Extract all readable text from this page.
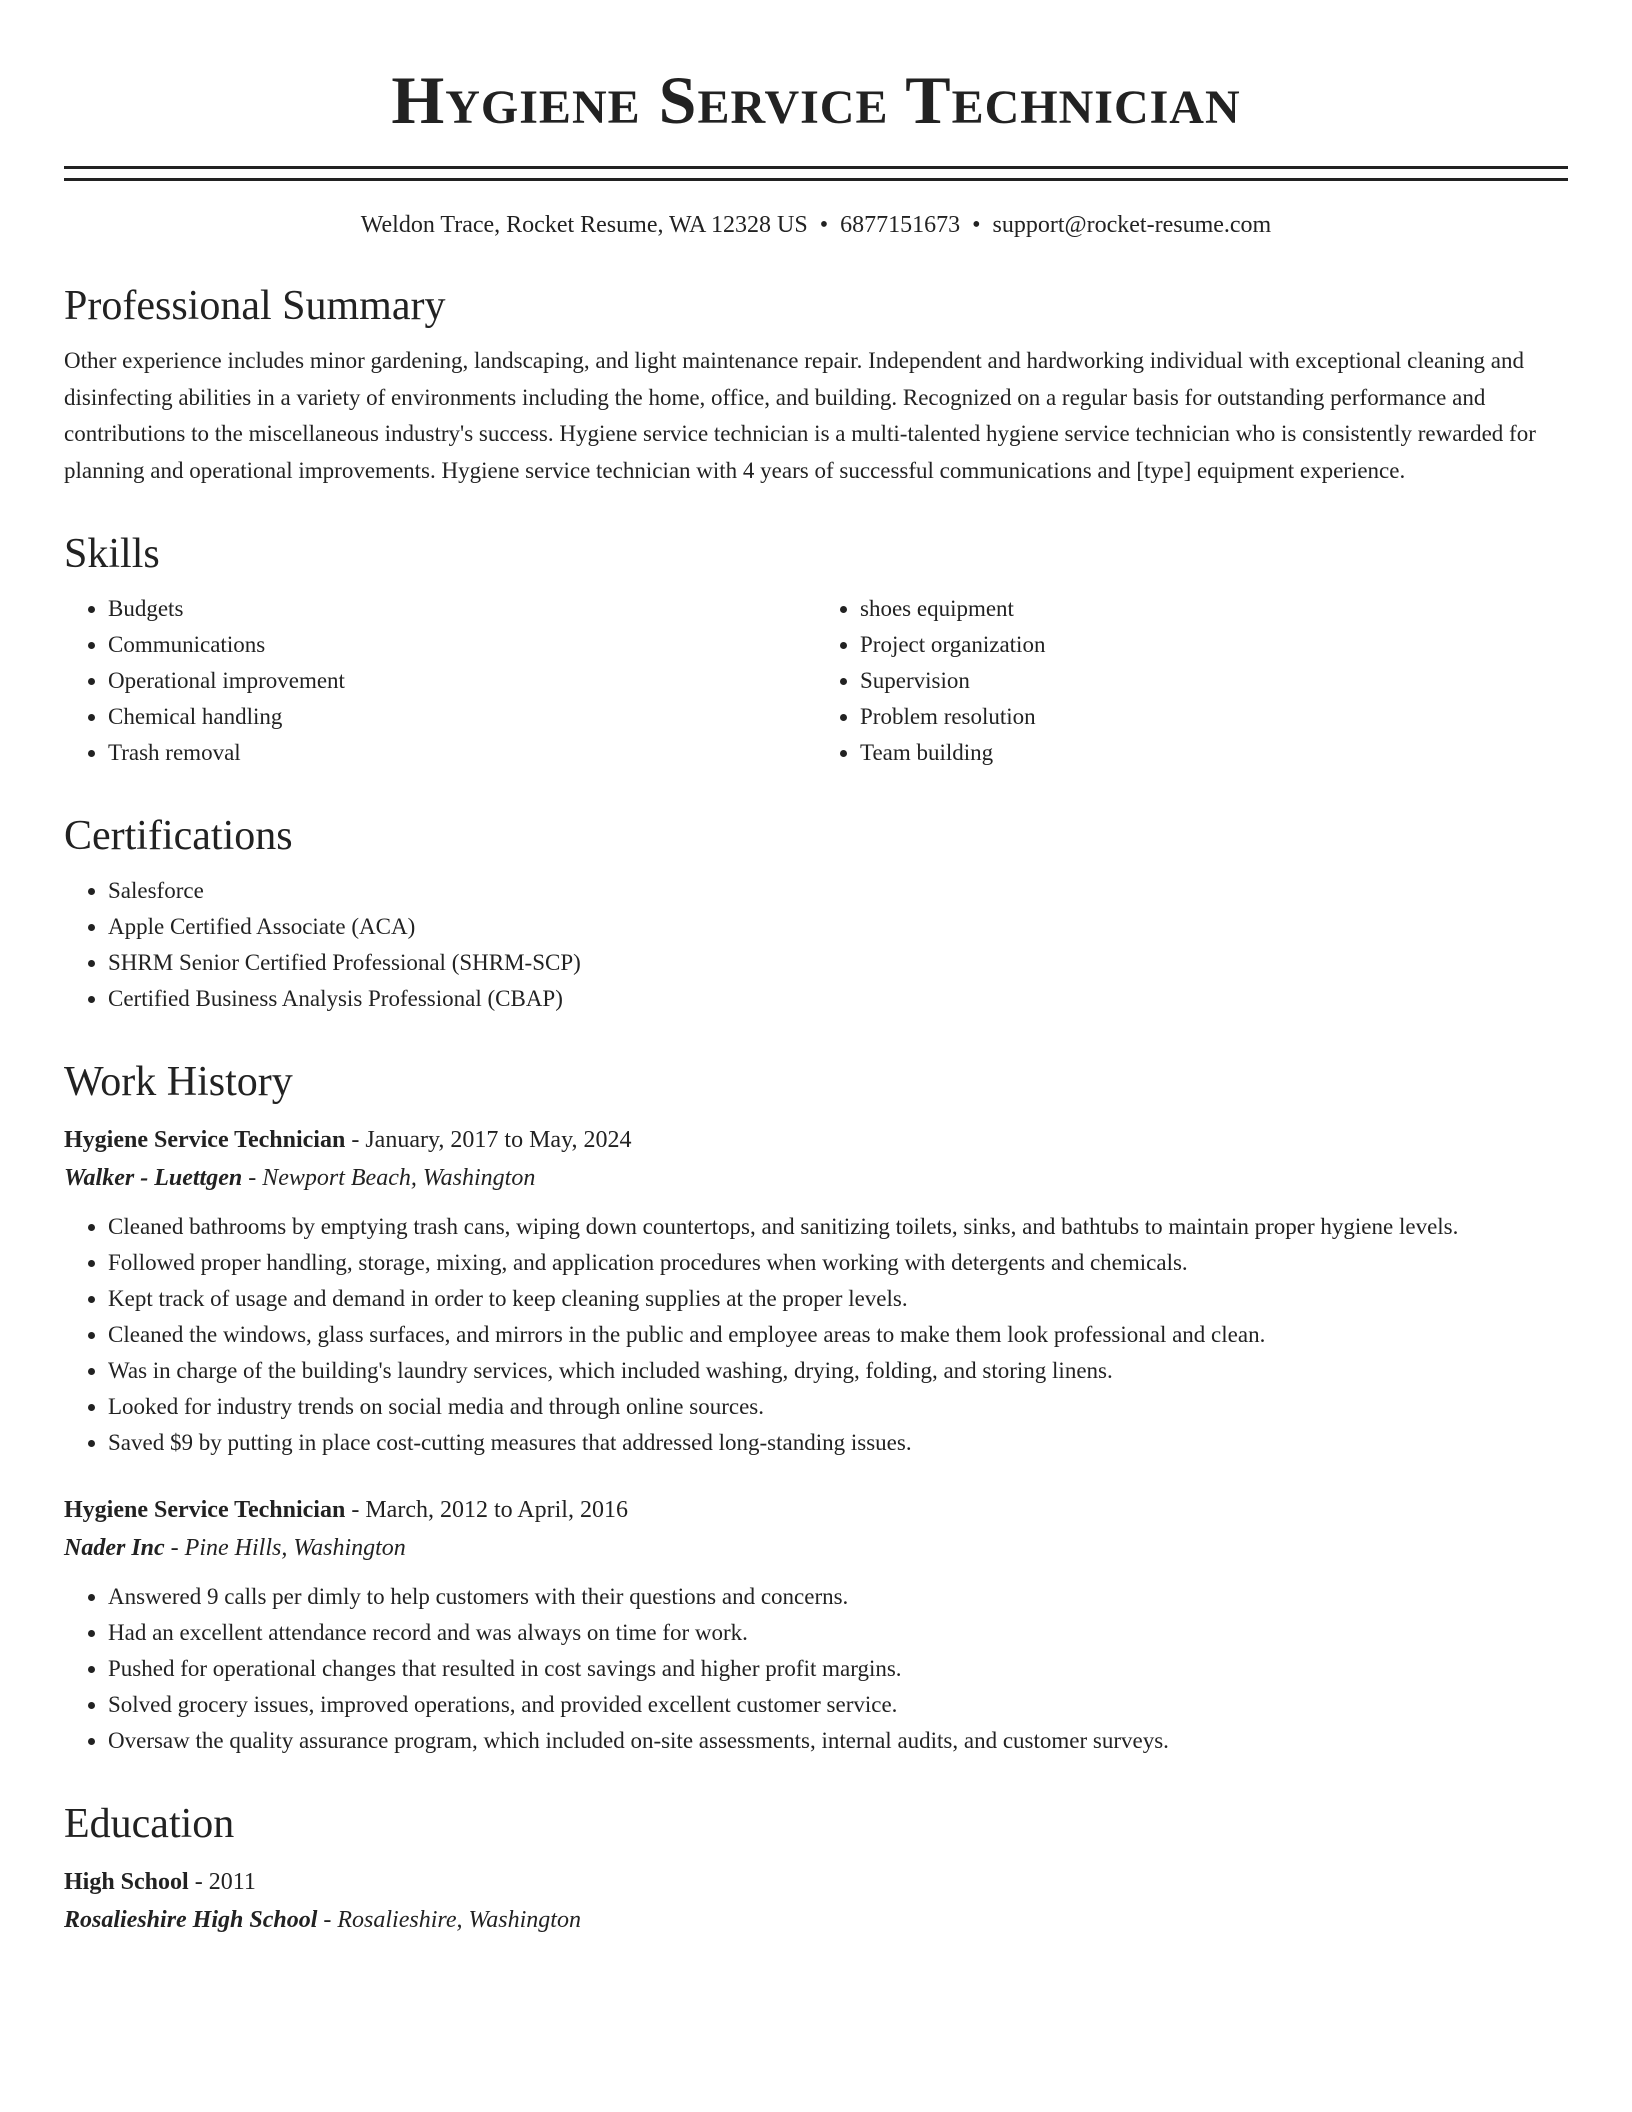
Hygiene Service Technician
Weldon Trace, Rocket Resume, WA 12328 US • 6877151673 • support@rocket-resume.com
Professional Summary

Other experience includes minor gardening, landscaping, and light maintenance repair. Independent and hardworking individual with exceptional cleaning and disinfecting abilities in a variety of environments including the home, office, and building. Recognized on a regular basis for outstanding performance and contributions to the miscellaneous industry's success. Hygiene service technician is a multi-talented hygiene service technician who is consistently rewarded for planning and operational improvements. Hygiene service technician with 4 years of successful communications and [type] equipment experience.

Skills
• Budgets
• Communications
• Operational improvement
• Chemical handling
• Trash removal
• shoes equipment
• Project organization
• Supervision
• Problem resolution
• Team building
Certifications
• Salesforce
• Apple Certified Associate (ACA)
• SHRM Senior Certified Professional (SHRM-SCP)
• Certified Business Analysis Professional (CBAP)
Work History
Hygiene Service Technician - January, 2017 to May, 2024
Walker - Luettgen - Newport Beach, Washington
• Cleaned bathrooms by emptying trash cans, wiping down countertops, and sanitizing toilets, sinks, and bathtubs to maintain proper hygiene levels.
• Followed proper handling, storage, mixing, and application procedures when working with detergents and chemicals.
• Kept track of usage and demand in order to keep cleaning supplies at the proper levels.
• Cleaned the windows, glass surfaces, and mirrors in the public and employee areas to make them look professional and clean.
• Was in charge of the building's laundry services, which included washing, drying, folding, and storing linens.
• Looked for industry trends on social media and through online sources.
• Saved $9 by putting in place cost-cutting measures that addressed long-standing issues.
Hygiene Service Technician - March, 2012 to April, 2016
Nader Inc - Pine Hills, Washington
• Answered 9 calls per dimly to help customers with their questions and concerns.
• Had an excellent attendance record and was always on time for work.
• Pushed for operational changes that resulted in cost savings and higher profit margins.
• Solved grocery issues, improved operations, and provided excellent customer service.
• Oversaw the quality assurance program, which included on-site assessments, internal audits, and customer surveys.
Education
High School - 2011
Rosalieshire High School - Rosalieshire, Washington
